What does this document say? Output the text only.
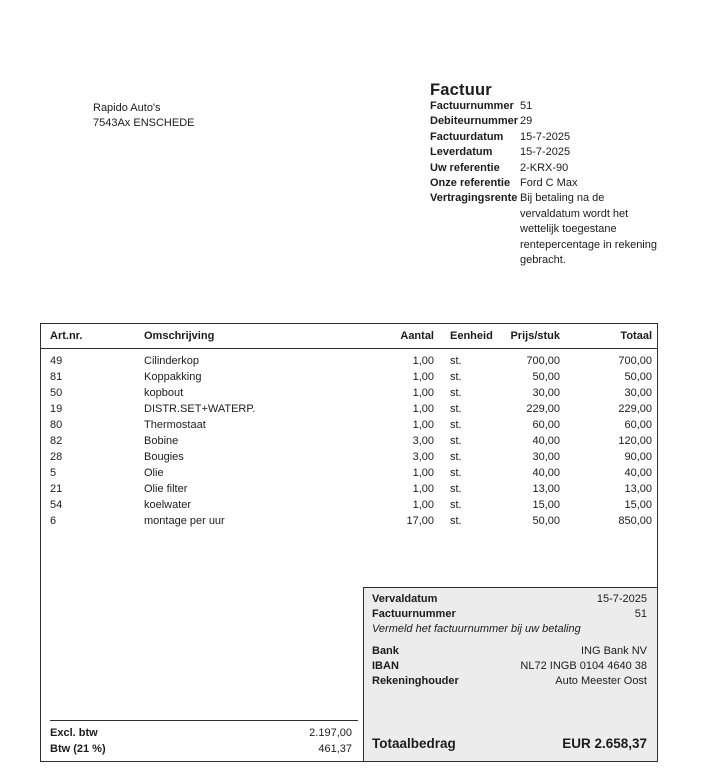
Rapido Auto's
7543Ax ENSCHEDE
Factuur
Factuurnummer 51
Debiteurnummer 29
Factuurdatum	15-7-2025
Leverdatum	15-7-2025
Uw referentie	2-KRX-90
Onze referentie Ford C Max
Vertragingsrente Bij betaling na de vervaldatum wordt het wettelijk toegestane rentepercentage in rekening gebracht.
Art.nr.	Omschrijving	Aantal Eenheid	Prijs/stuk	Totaal
49	Cilinderkop	1,00 st.	700,00	700,00
81	Koppakking	1,00 st.	50,00	50,00
50	kopbout	1,00 st.	30,00	30,00
19	DISTR.SET+WATERP.	1,00 st.	229,00	229,00
80	Thermostaat	1,00 st.	60,00	60,00
82	Bobine	3,00 st.	40,00	120,00
28	Bougies	3,00 st.	30,00	90,00
5	Olie	1,00 st.	40,00	40,00
21	Olie filter	1,00 st.	13,00	13,00
54	koelwater	1,00 st.	15,00	15,00
6	montage per uur	17,00 st.	50,00	850,00
Excl. btw	2.197,00
Btw (21 %)	461,37
Vervaldatum	15-7-2025
Factuurnummer	51
Vermeld het factuurnummer bij uw betaling
Bank	ING Bank NV
IBAN	NL72 INGB 0104 4640 38
Rekeninghouder	Auto Meester Oost
Totaalbedrag	EUR 2.658,37
